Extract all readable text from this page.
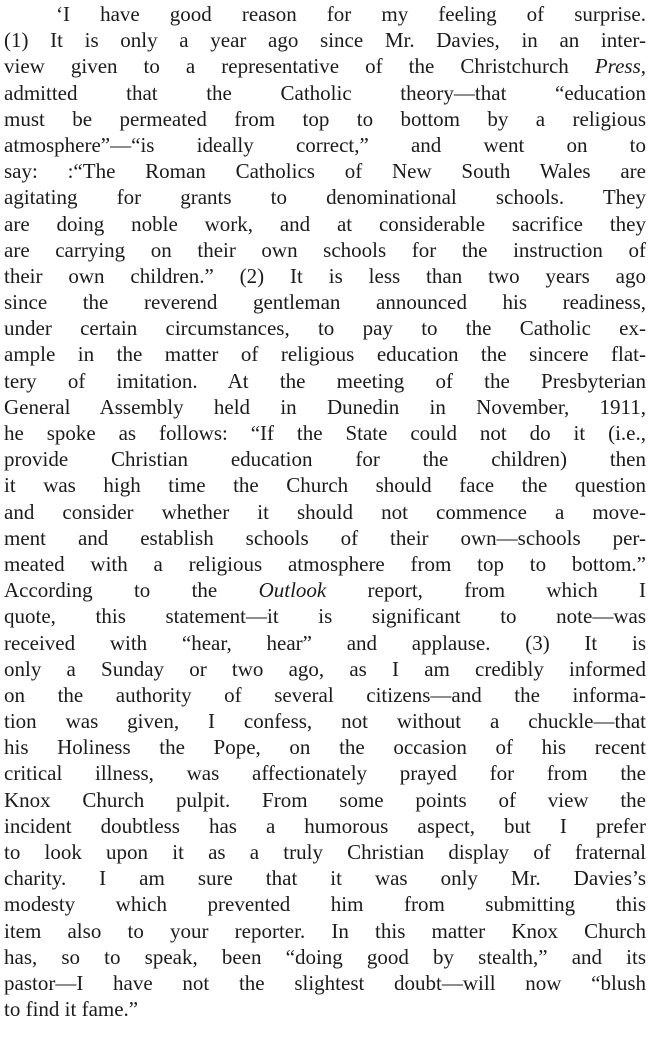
‘I have good reason for my feeling of surprise.
(1) It is only a year ago since Mr. Davies, in an inter-
view given to a representative of the Christchurch Press,
admitted that the Catholic theory—that “education
must be permeated from top to bottom by a religious
atmosphere”—“is ideally correct,” and went on to
say: :“The Roman Catholics of New South Wales are
agitating for grants to denominational schools. They
are doing noble work, and at considerable sacrifice they
are carrying on their own schools for the instruction of
their own children.” (2) It is less than two years ago
since the reverend gentleman announced his readiness,
under certain circumstances, to pay to the Catholic ex-
ample in the matter of religious education the sincere flat-
tery of imitation. At the meeting of the Presbyterian
General Assembly held in Dunedin in November, 1911,
he spoke as follows: “If the State could not do it (i.e.,
provide Christian education for the children) then
it was high time the Church should face the question
and consider whether it should not commence a move-
ment and establish schools of their own—schools per-
meated with a religious atmosphere from top to bottom.”
According to the Outlook report, from which I
quote, this statement—it is significant to note—was
received with “hear, hear” and applause. (3) It is
only a Sunday or two ago, as I am credibly informed
on the authority of several citizens—and the informa-
tion was given, I confess, not without a chuckle—that
his Holiness the Pope, on the occasion of his recent
critical illness, was affectionately prayed for from the
Knox Church pulpit. From some points of view the
incident doubtless has a humorous aspect, but I prefer
to look upon it as a truly Christian display of fraternal
charity. I am sure that it was only Mr. Davies’s
modesty which prevented him from submitting this
item also to your reporter. In this matter Knox Church
has, so to speak, been “doing good by stealth,” and its
pastor—I have not the slightest doubt—will now “blush
to find it fame.”
